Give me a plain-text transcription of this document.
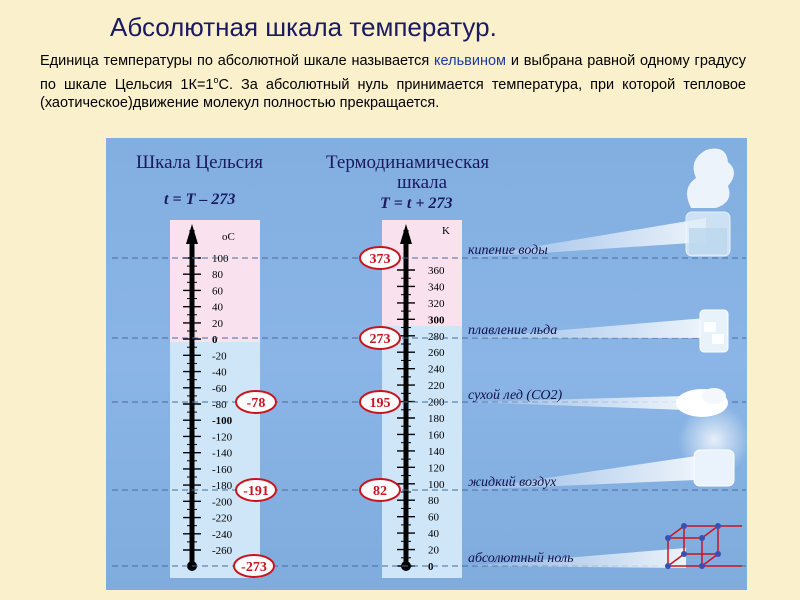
Абсолютная шкала температур.
Единица температуры по абсолютной шкале называется кельвином и выбрана равной одному градусу по шкале Цельсия $1К=1^оС$. За абсолютный нуль принимается температура, при которой тепловое (хаотическое)движение молекул полностью прекращается.
Шкала Цельсия	Термодинамическая
шкала
t = T – 273	T = t + 273
oC
100
80
60
40
20
0
-20
-40
-60
-80
-100
-120
-140
-160
-180
-200
-220
-240
-260
K
360
340
320
300
280
260
240
220
200
180
160
140
120
100
80
60
40
20
0
-78
-191
-273
373
273
195
82
кипение воды
плавление льда
сухой лед (CO2)
жидкий воздух
абсолютный ноль
